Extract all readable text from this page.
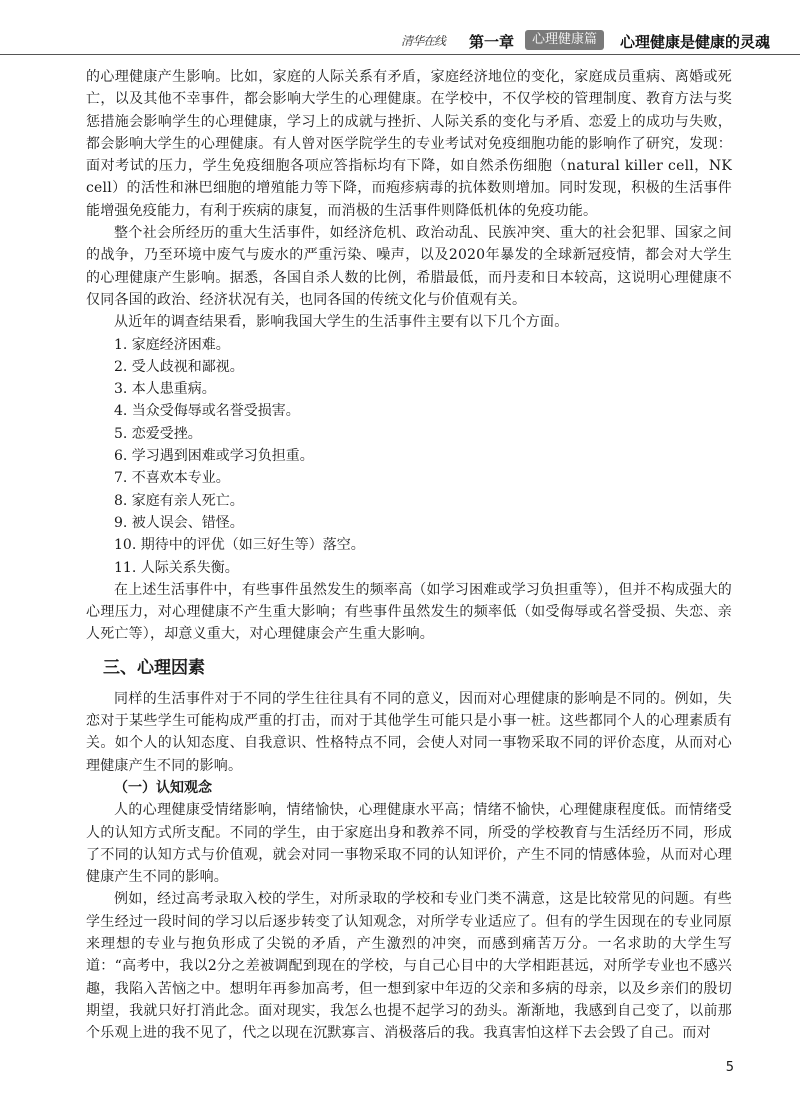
清华在线 第一章	心理健康篇	心理健康是健康的灵魂

的心理健康产生影响。比如，家庭的人际关系有矛盾，家庭经济地位的变化，家庭成员重病、离婚或死亡，以及其他不幸事件，都会影响大学生的心理健康。在学校中，不仅学校的管理制度、教育方法与奖惩措施会影响学生的心理健康，学习上的成就与挫折、人际关系的变化与矛盾、恋爱上的成功与失败，都会影响大学生的心理健康。有人曾对医学院学生的专业考试对免疫细胞功能的影响作了研究，发现：面对考试的压力，学生免疫细胞各项应答指标均有下降，如自然杀伤细胞（natural killer cell，NK cell）的活性和淋巴细胞的增殖能力等下降，而疱疹病毒的抗体数则增加。同时发现，积极的生活事件能增强免疫能力，有利于疾病的康复，而消极的生活事件则降低机体的免疫功能。

整个社会所经历的重大生活事件，如经济危机、政治动乱、民族冲突、重大的社会犯罪、国家之间的战争，乃至环境中废气与废水的严重污染、噪声，以及2020年暴发的全球新冠疫情，都会对大学生的心理健康产生影响。据悉，各国自杀人数的比例，希腊最低，而丹麦和日本较高，这说明心理健康不仅同各国的政治、经济状况有关，也同各国的传统文化与价值观有关。

从近年的调查结果看，影响我国大学生的生活事件主要有以下几个方面。

1. 家庭经济困难。

2. 受人歧视和鄙视。

3. 本人患重病。

4. 当众受侮辱或名誉受损害。

5. 恋爱受挫。

6. 学习遇到困难或学习负担重。

7. 不喜欢本专业。

8. 家庭有亲人死亡。

9. 被人误会、错怪。

10. 期待中的评优（如三好生等）落空。

11. 人际关系失衡。

在上述生活事件中，有些事件虽然发生的频率高（如学习困难或学习负担重等），但并不构成强大的心理压力，对心理健康不产生重大影响；有些事件虽然发生的频率低（如受侮辱或名誉受损、失恋、亲人死亡等），却意义重大，对心理健康会产生重大影响。

三、心理因素

同样的生活事件对于不同的学生往往具有不同的意义，因而对心理健康的影响是不同的。例如，失恋对于某些学生可能构成严重的打击，而对于其他学生可能只是小事一桩。这些都同个人的心理素质有关。如个人的认知态度、自我意识、性格特点不同，会使人对同一事物采取不同的评价态度，从而对心理健康产生不同的影响。

（一）认知观念

人的心理健康受情绪影响，情绪愉快，心理健康水平高；情绪不愉快，心理健康程度低。而情绪受人的认知方式所支配。不同的学生，由于家庭出身和教养不同，所受的学校教育与生活经历不同，形成了不同的认知方式与价值观，就会对同一事物采取不同的认知评价，产生不同的情感体验，从而对心理健康产生不同的影响。

例如，经过高考录取入校的学生，对所录取的学校和专业门类不满意，这是比较常见的问题。有些学生经过一段时间的学习以后逐步转变了认知观念，对所学专业适应了。但有的学生因现在的专业同原来理想的专业与抱负形成了尖锐的矛盾，产生激烈的冲突，而感到痛苦万分。一名求助的大学生写道：“高考中，我以2分之差被调配到现在的学校，与自己心目中的大学相距甚远，对所学专业也不感兴趣，我陷入苦恼之中。想明年再参加高考，但一想到家中年迈的父亲和多病的母亲，以及乡亲们的殷切期望，我就只好打消此念。面对现实，我怎么也提不起学习的劲头。渐渐地，我感到自己变了，以前那个乐观上进的我不见了，代之以现在沉默寡言、消极落后的我。我真害怕这样下去会毁了自己。而对

5
